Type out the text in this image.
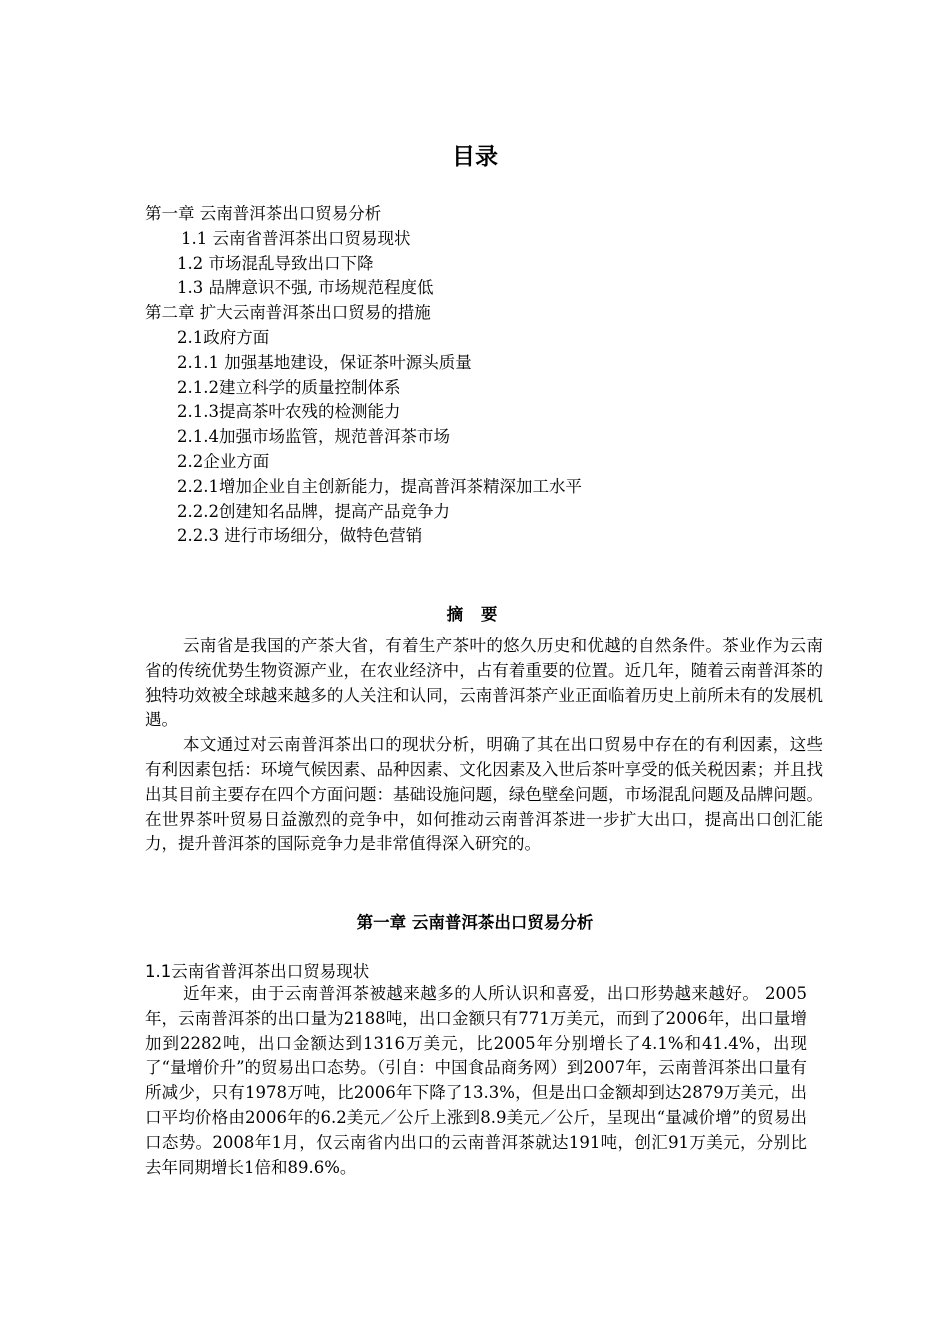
目录
第一章 云南普洱茶出口贸易分析
1.1 云南省普洱茶出口贸易现状
1.2 市场混乱导致出口下降
1.3 品牌意识不强, 市场规范程度低
第二章 扩大云南普洱茶出口贸易的措施
2.1政府方面
2.1.1 加强基地建设，保证茶叶源头质量
2.1.2建立科学的质量控制体系
2.1.3提高茶叶农残的检测能力
2.1.4加强市场监管，规范普洱茶市场
2.2企业方面
2.2.1增加企业自主创新能力，提高普洱茶精深加工水平
2.2.2创建知名品牌，提高产品竞争力
2.2.3 进行市场细分，做特色营销
摘 要

云南省是我国的产茶大省，有着生产茶叶的悠久历史和优越的自然条件。茶业作为云南省的传统优势生物资源产业，在农业经济中，占有着重要的位置。近几年，随着云南普洱茶的独特功效被全球越来越多的人关注和认同，云南普洱茶产业正面临着历史上前所未有的发展机遇。

本文通过对云南普洱茶出口的现状分析，明确了其在出口贸易中存在的有利因素，这些有利因素包括：环境气候因素、品种因素、文化因素及入世后茶叶享受的低关税因素；并且找出其目前主要存在四个方面问题：基础设施问题，绿色壁垒问题，市场混乱问题及品牌问题。在世界茶叶贸易日益激烈的竞争中，如何推动云南普洱茶进一步扩大出口，提高出口创汇能力，提升普洱茶的国际竞争力是非常值得深入研究的。

第一章 云南普洱茶出口贸易分析
1.1云南省普洱茶出口贸易现状

近年来，由于云南普洱茶被越来越多的人所认识和喜爱，出口形势越来越好。 2005年，云南普洱茶的出口量为2188吨，出口金额只有771万美元，而到了2006年，出口量增加到2282吨，出口金额达到1316万美元，比2005年分别增长了4.1%和41.4%，出现了“量增价升”的贸易出口态势。（引自：中国食品商务网）到2007年，云南普洱茶出口量有所减少，只有1978万吨，比2006年下降了13.3%，但是出口金额却到达2879万美元，出口平均价格由2006年的6.2美元／公斤上涨到8.9美元／公斤，呈现出“量减价增”的贸易出口态势。2008年1月，仅云南省内出口的云南普洱茶就达191吨，创汇91万美元，分别比去年同期增长1倍和89.6%。
